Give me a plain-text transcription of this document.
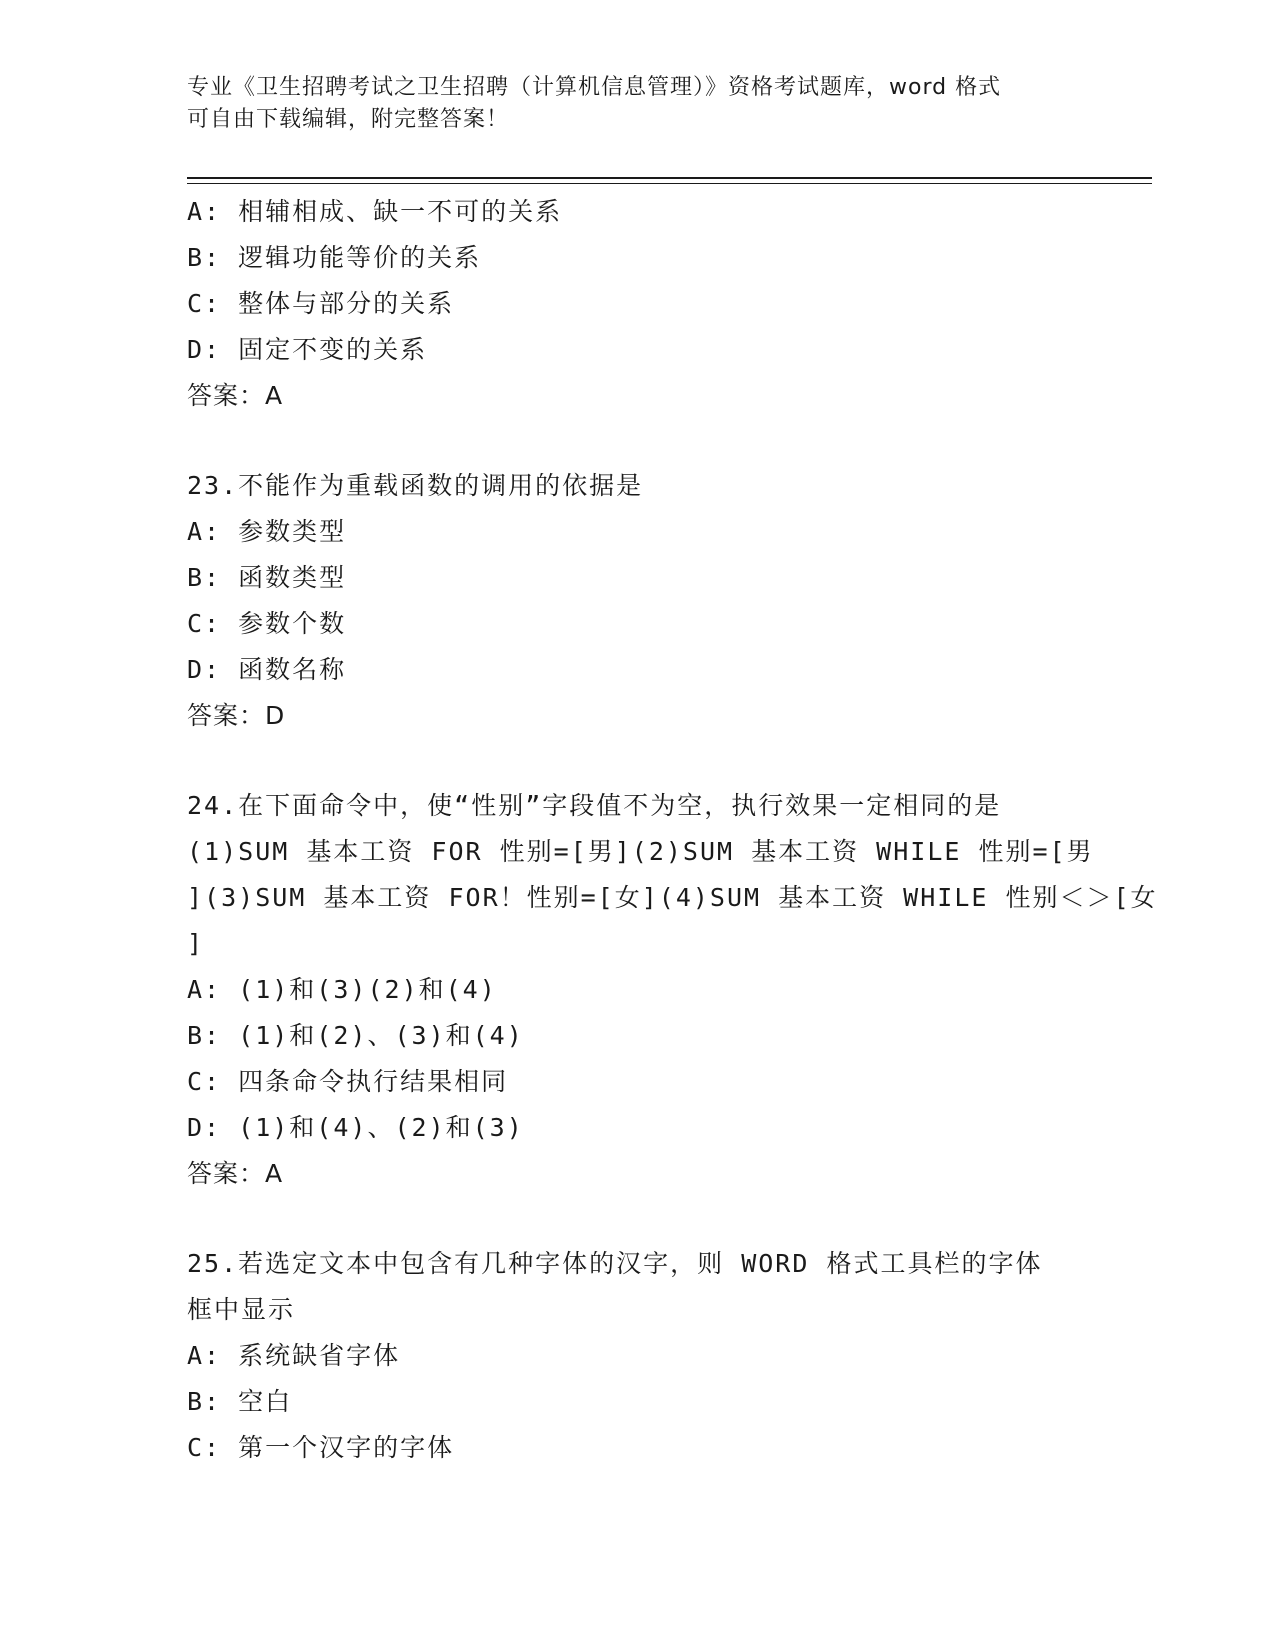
专业《卫生招聘考试之卫生招聘（计算机信息管理）》资格考试题库，word 格式
可自由下载编辑，附完整答案！
A: 相辅相成、缺一不可的关系
B: 逻辑功能等价的关系
C: 整体与部分的关系
D: 固定不变的关系
答案：A
23.不能作为重载函数的调用的依据是
A: 参数类型
B: 函数类型
C: 参数个数
D: 函数名称
答案：D
24.在下面命令中，使“性别”字段值不为空，执行效果一定相同的是
(1)SUM 基本工资 FOR 性别=[男](2)SUM 基本工资 WHILE 性别=[男
](3)SUM 基本工资 FOR！性别=[女](4)SUM 基本工资 WHILE 性别＜＞[女
]
A: (1)和(3)(2)和(4)
B: (1)和(2)、(3)和(4)
C: 四条命令执行结果相同
D: (1)和(4)、(2)和(3)
答案：A
25.若选定文本中包含有几种字体的汉字，则 WORD 格式工具栏的字体
框中显示
A: 系统缺省字体
B: 空白
C: 第一个汉字的字体
